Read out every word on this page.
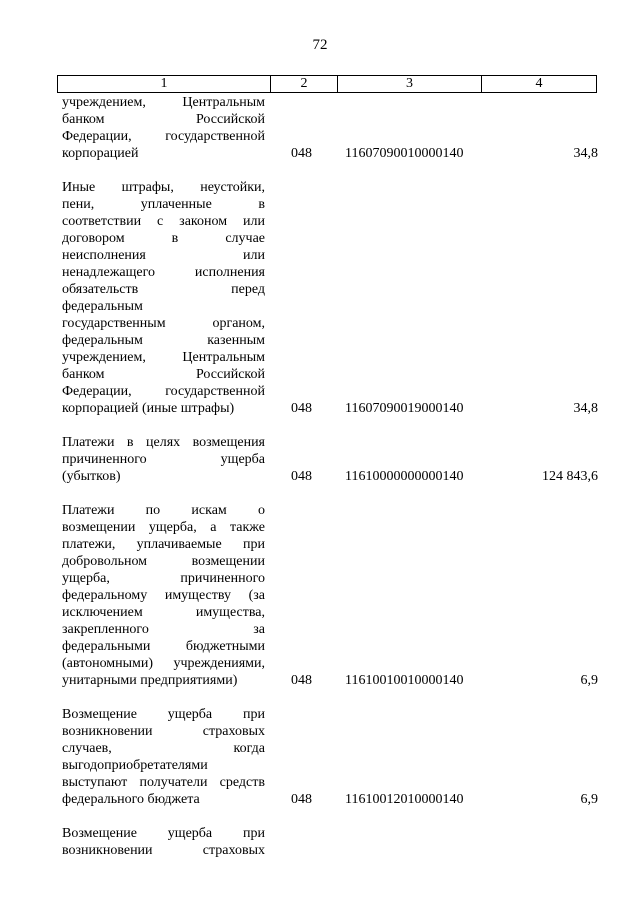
72
1	2	3	4
учреждением, Центральным
банком Российской
Федерации, государственной
корпорацией	048	11607090010000140	34,8
Иные штрафы, неустойки,
пени, уплаченные в
соответствии с законом или
договором в случае
неисполнения или
ненадлежащего исполнения
обязательств перед
федеральным
государственным органом,
федеральным казенным
учреждением, Центральным
банком Российской
Федерации, государственной
корпорацией (иные штрафы)	048	11607090019000140	34,8
Платежи в целях возмещения
причиненного ущерба
(убытков)	048	11610000000000140	124 843,6
Платежи по искам о
возмещении ущерба, а также
платежи, уплачиваемые при
добровольном возмещении
ущерба, причиненного
федеральному имуществу (за
исключением имущества,
закрепленного за
федеральными бюджетными
(автономными) учреждениями,
унитарными предприятиями)	048	11610010010000140	6,9
Возмещение ущерба при
возникновении страховых
случаев, когда
выгодоприобретателями
выступают получатели средств
федерального бюджета	048	11610012010000140	6,9
Возмещение ущерба при
возникновении страховых
